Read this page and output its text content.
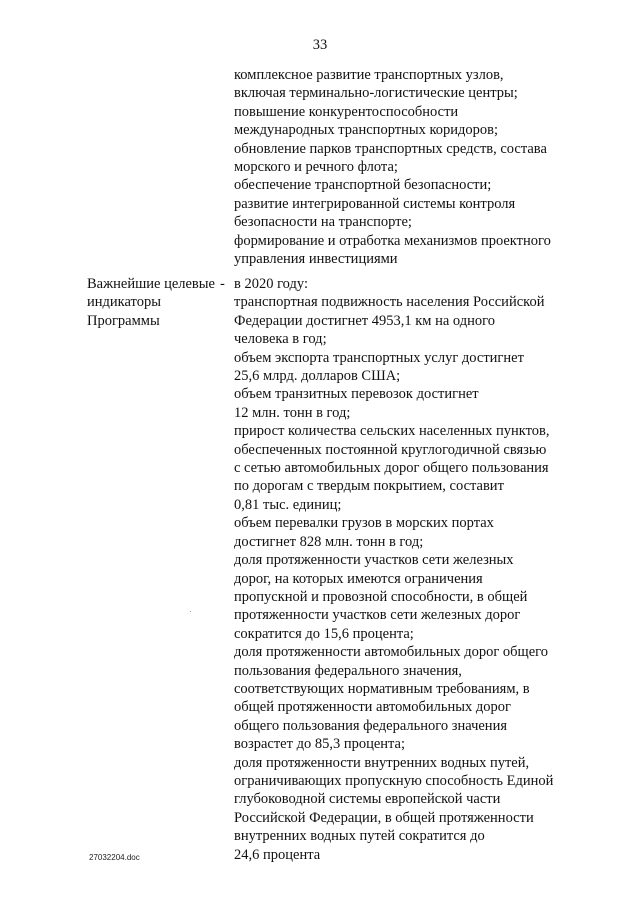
33
комплексное развитие транспортных узлов,
включая терминально-логистические центры;
повышение конкурентоспособности
международных транспортных коридоров;
обновление парков транспортных средств, состава
морского и речного флота;
обеспечение транспортной безопасности;
развитие интегрированной системы контроля
безопасности на транспорте;
формирование и отработка механизмов проектного
управления инвестициями
Важнейшие целевые
индикаторы
Программы
- в 2020 году:
транспортная подвижность населения Российской
Федерации достигнет 4953,1 км на одного
человека в год;
объем экспорта транспортных услуг достигнет
25,6 млрд. долларов США;
объем транзитных перевозок достигнет
12 млн. тонн в год;
прирост количества сельских населенных пунктов,
обеспеченных постоянной круглогодичной связью
с сетью автомобильных дорог общего пользования
по дорогам с твердым покрытием, составит
0,81 тыс. единиц;
объем перевалки грузов в морских портах
достигнет 828 млн. тонн в год;
доля протяженности участков сети железных
дорог, на которых имеются ограничения
пропускной и провозной способности, в общей
протяженности участков сети железных дорог
сократится до 15,6 процента;
доля протяженности автомобильных дорог общего
пользования федерального значения,
соответствующих нормативным требованиям, в
общей протяженности автомобильных дорог
общего пользования федерального значения
возрастет до 85,3 процента;
доля протяженности внутренних водных путей,
ограничивающих пропускную способность Единой
глубоководной системы европейской части
Российской Федерации, в общей протяженности
внутренних водных путей сократится до
24,6 процента
27032204.doc
